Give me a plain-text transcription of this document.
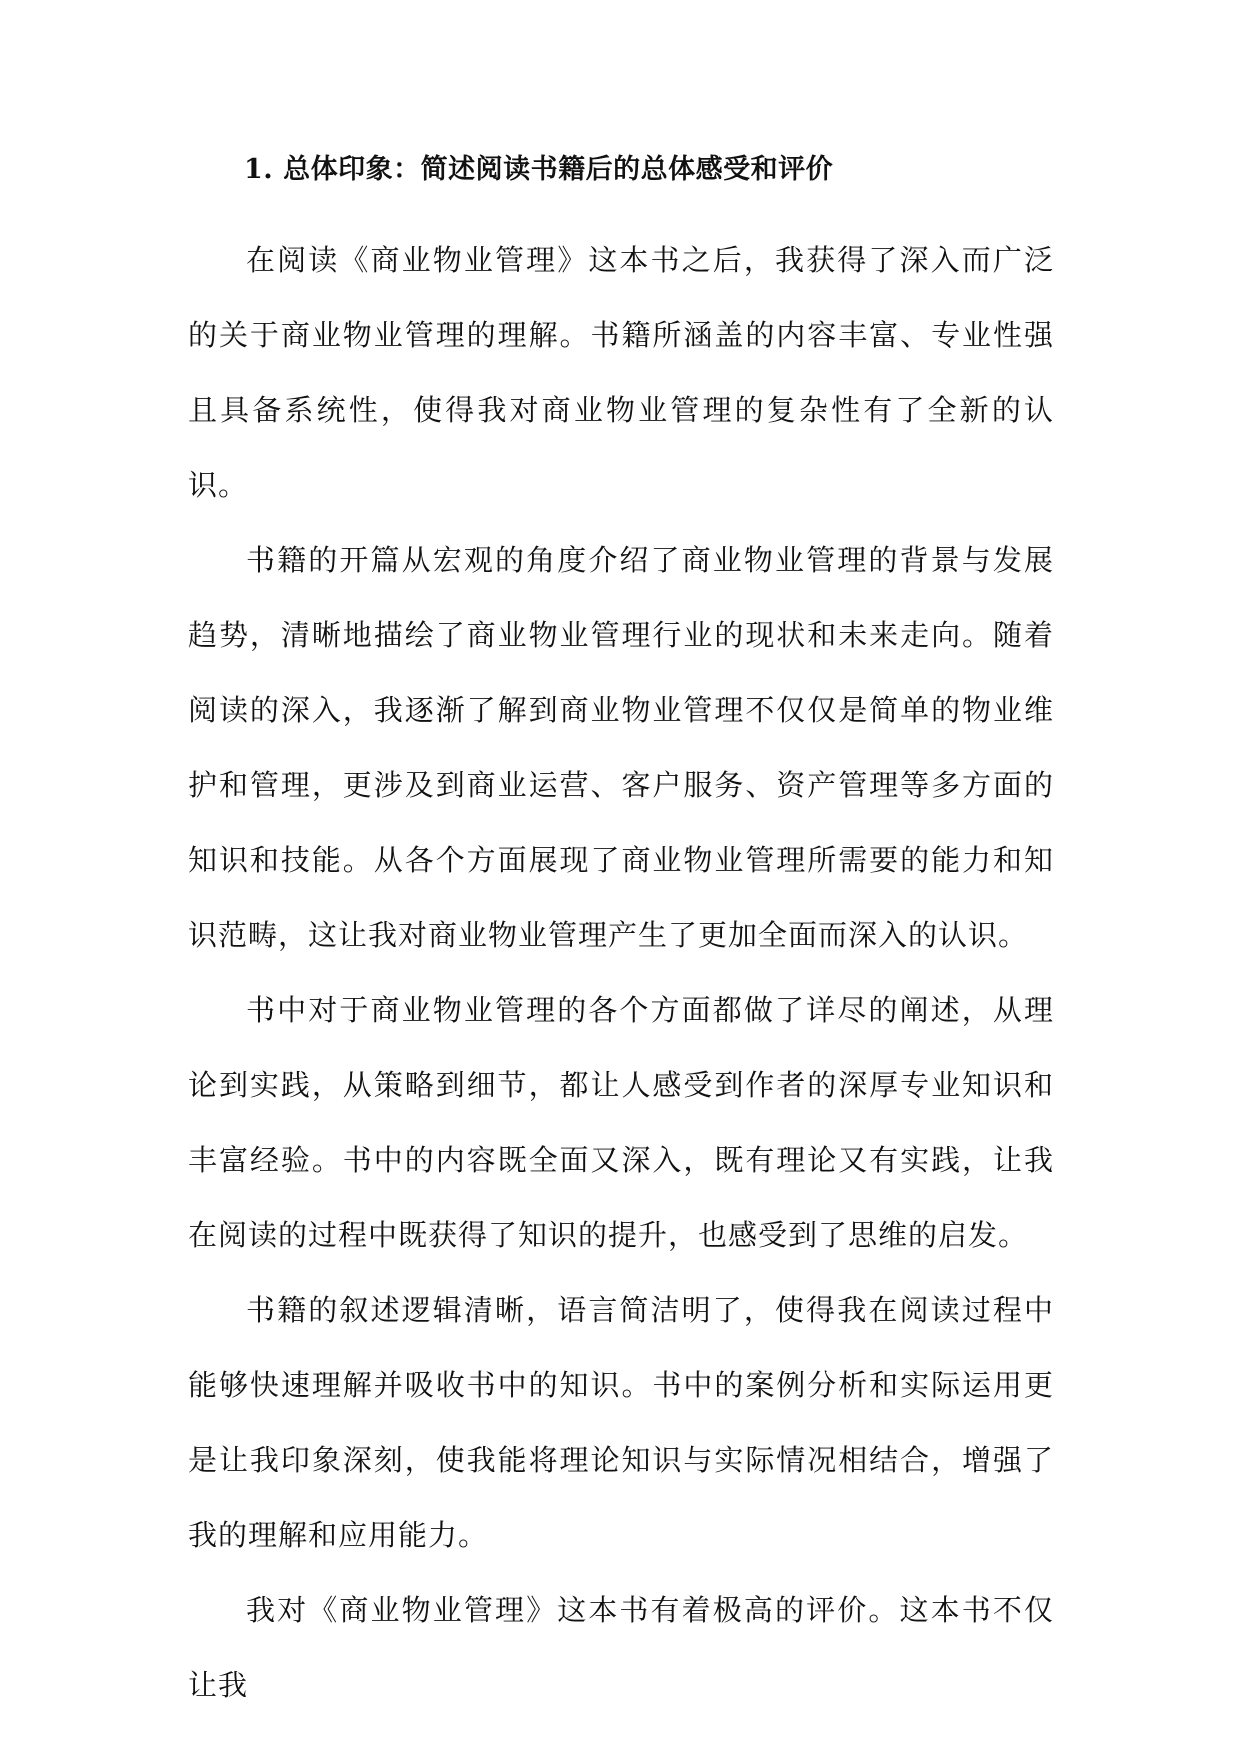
1. 总体印象：简述阅读书籍后的总体感受和评价

在阅读《商业物业管理》这本书之后，我获得了深入而广泛的关于商业物业管理的理解。书籍所涵盖的内容丰富、专业性强且具备系统性，使得我对商业物业管理的复杂性有了全新的认识。

书籍的开篇从宏观的角度介绍了商业物业管理的背景与发展趋势，清晰地描绘了商业物业管理行业的现状和未来走向。随着阅读的深入，我逐渐了解到商业物业管理不仅仅是简单的物业维护和管理，更涉及到商业运营、客户服务、资产管理等多方面的知识和技能。从各个方面展现了商业物业管理所需要的能力和知识范畴，这让我对商业物业管理产生了更加全面而深入的认识。

书中对于商业物业管理的各个方面都做了详尽的阐述，从理论到实践，从策略到细节，都让人感受到作者的深厚专业知识和丰富经验。书中的内容既全面又深入，既有理论又有实践，让我在阅读的过程中既获得了知识的提升，也感受到了思维的启发。

书籍的叙述逻辑清晰，语言简洁明了，使得我在阅读过程中能够快速理解并吸收书中的知识。书中的案例分析和实际运用更是让我印象深刻，使我能将理论知识与实际情况相结合，增强了我的理解和应用能力。

我对《商业物业管理》这本书有着极高的评价。这本书不仅让我
